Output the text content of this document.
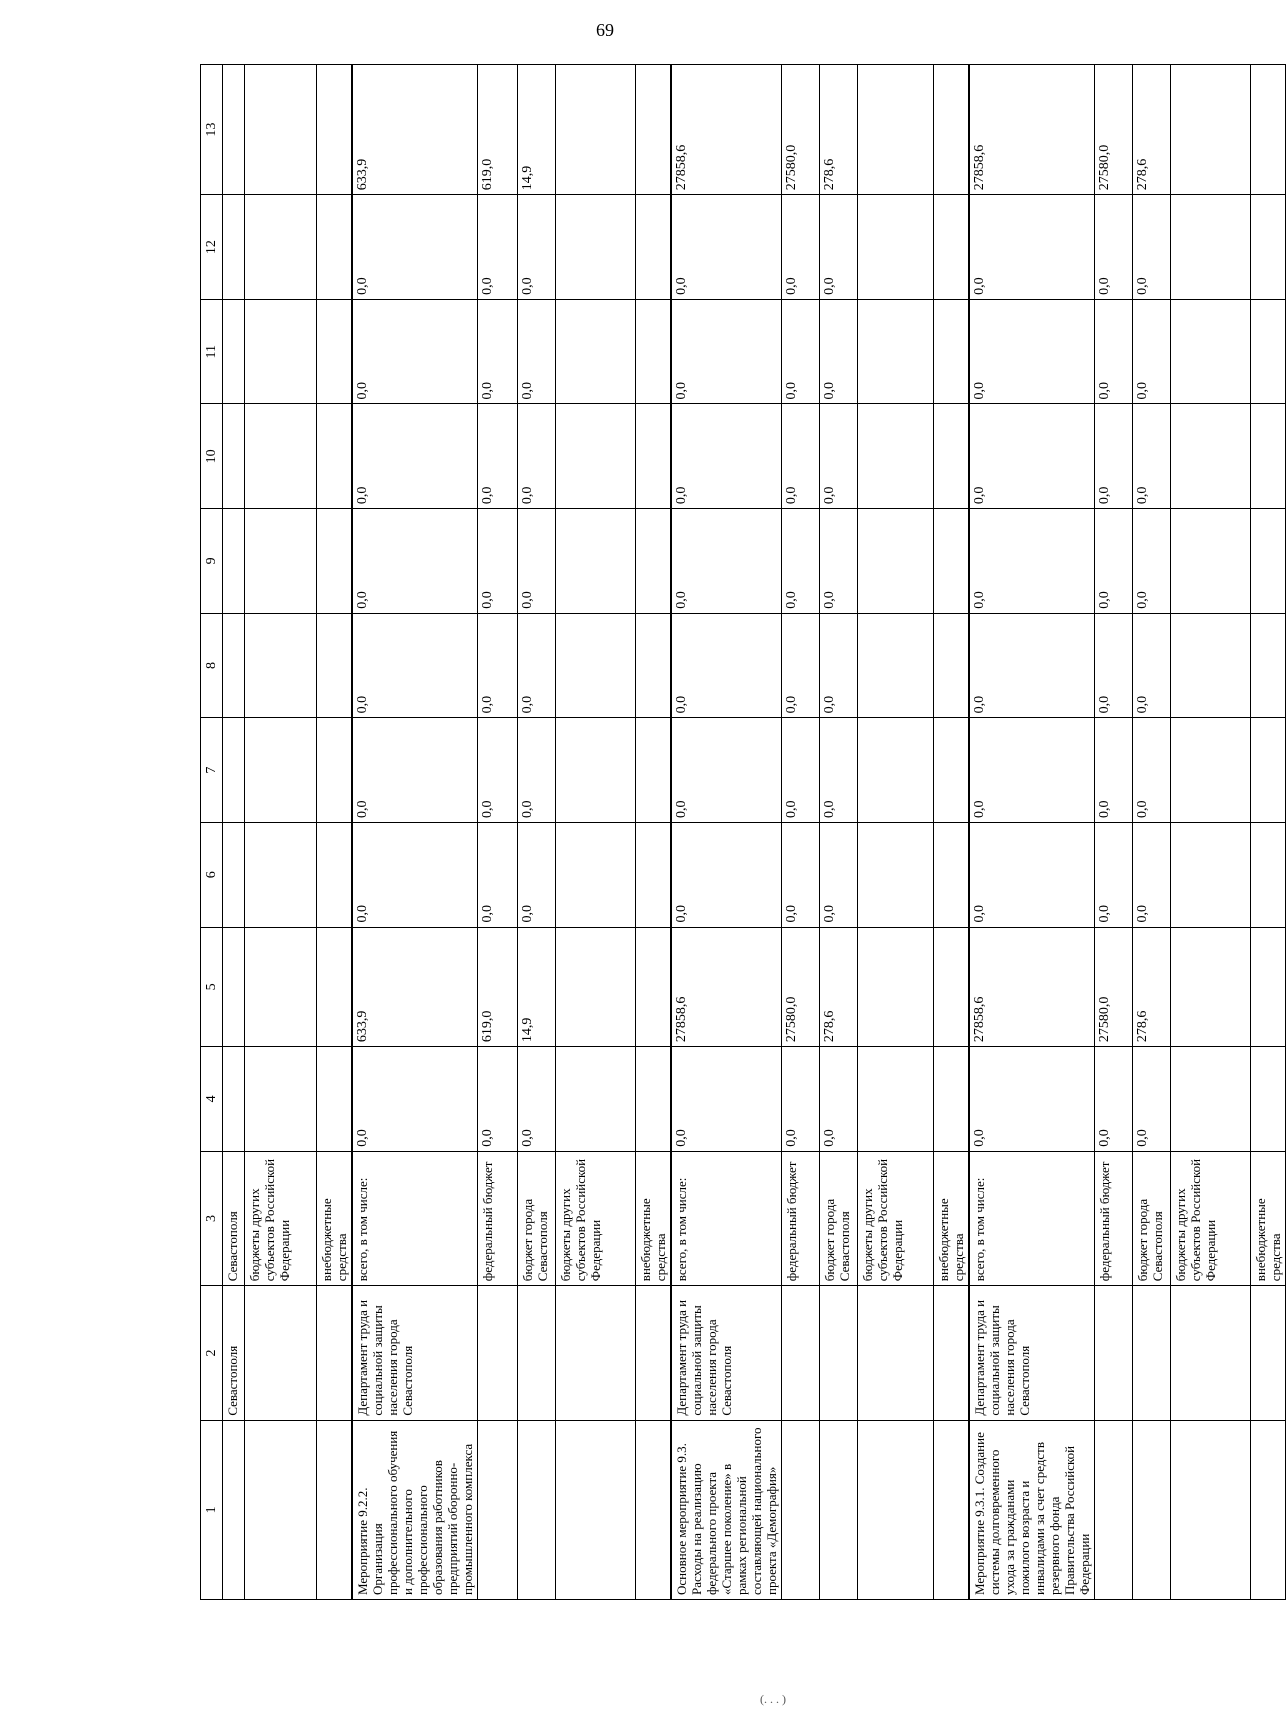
69
1	2	3	4	5	6	7	8	9	10	11	12	13
	Севастополя	Севастополя										
		бюджеты других субъектов Российской Федерации										
		внебюджетные средства										
Мероприятие 9.2.2. Организация профессионального обучения и дополнительного профессионального образования работников предприятий оборонно-промышленного комплекса	Департамент труда и социальной защиты населения города Севастополя	всего, в том числе:	0,0	633,9	0,0	0,0	0,0	0,0	0,0	0,0	0,0	633,9
		федеральный бюджет	0,0	619,0	0,0	0,0	0,0	0,0	0,0	0,0	0,0	619,0
		бюджет города Севастополя	0,0	14,9	0,0	0,0	0,0	0,0	0,0	0,0	0,0	14,9
		бюджеты других субъектов Российской Федерации										
		внебюджетные средства										
Основное мероприятие 9.3. Расходы на реализацию федерального проекта «Старшее поколение» в рамках региональной составляющей национального проекта «Демография»	Департамент труда и социальной защиты населения города Севастополя	всего, в том числе:	0,0	27858,6	0,0	0,0	0,0	0,0	0,0	0,0	0,0	27858,6
		федеральный бюджет	0,0	27580,0	0,0	0,0	0,0	0,0	0,0	0,0	0,0	27580,0
		бюджет города Севастополя	0,0	278,6	0,0	0,0	0,0	0,0	0,0	0,0	0,0	278,6
		бюджеты других субъектов Российской Федерации										
		внебюджетные средства										
Мероприятие 9.3.1. Создание системы долговременного ухода за гражданами пожилого возраста и инвалидами за счет средств резервного фонда Правительства Российской Федерации	Департамент труда и социальной защиты населения города Севастополя	всего, в том числе:	0,0	27858,6	0,0	0,0	0,0	0,0	0,0	0,0	0,0	27858,6
		федеральный бюджет	0,0	27580,0	0,0	0,0	0,0	0,0	0,0	0,0	0,0	27580,0
		бюджет города Севастополя	0,0	278,6	0,0	0,0	0,0	0,0	0,0	0,0	0,0	278,6
		бюджеты других субъектов Российской Федерации										
		внебюджетные средства										
(. . . )
